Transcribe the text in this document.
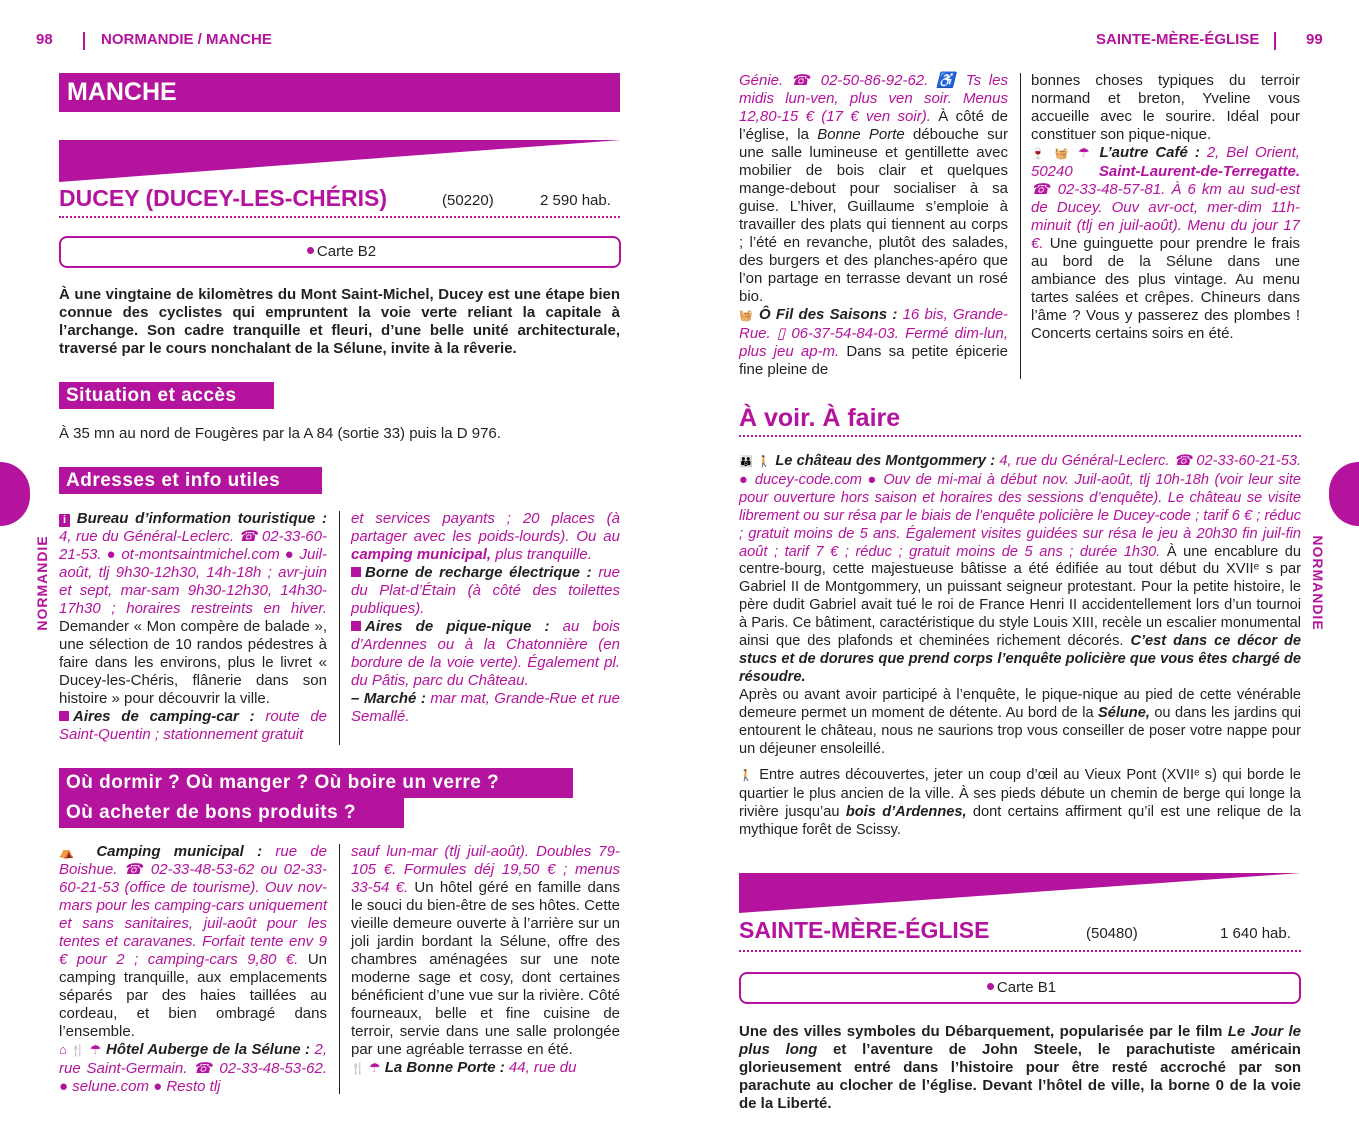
98	NORMANDIE / MANCHE
MANCHE
DUCEY (DUCEY-LES-CHÉRIS)	(50220)	2 590 hab.
Carte B2
À une vingtaine de kilomètres du Mont Saint-Michel, Ducey est une étape bien connue des cyclistes qui empruntent la voie verte reliant la capitale à l’archange. Son cadre tranquille et fleuri, d’une belle unité architecturale, traversé par le cours nonchalant de la Sélune, invite à la rêverie.
Situation et accès
À 35 mn au nord de Fougères par la A 84 (sortie 33) puis la D 976.
Adresses et info utiles

i Bureau d’information touristique : 4, rue du Général-Leclerc. ☎ 02-33-60-21-53. ● ot-montsaintmichel.com ● Juil-août, tlj 9h30-12h30, 14h-18h ; avr-juin et sept, mar-sam 9h30-12h30, 14h30-17h30 ; horaires restreints en hiver. Demander « Mon compère de balade », une sélection de 10 randos pédestres à faire dans les environs, plus le livret « Ducey-les-Chéris, flânerie dans son histoire » pour découvrir la ville.

Aires de camping-car : route de Saint-Quentin ; stationnement gratuit

et services payants ; 20 places (à partager avec les poids-lourds). Ou au camping municipal, plus tranquille.

Borne de recharge électrique : rue du Plat-d’Étain (à côté des toilettes publiques).

Aires de pique-nique : au bois d’Ardennes ou à la Chatonnière (en bordure de la voie verte). Également pl. du Pâtis, parc du Château.

– Marché : mar mat, Grande-Rue et rue Semallé.

Où dormir ? Où manger ? Où boire un verre ?
Où acheter de bons produits ?

⛺ Camping municipal : rue de Boishue. ☎ 02-33-48-53-62 ou 02-33-60-21-53 (office de tourisme). Ouv nov-mars pour les camping-cars uniquement et sans sanitaires, juil-août pour les tentes et caravanes. Forfait tente env 9 € pour 2 ; camping-cars 9,80 €. Un camping tranquille, aux emplacements séparés par des haies taillées au cordeau, et bien ombragé dans l’ensemble.

⌂ 🍴 ☂ Hôtel Auberge de la Sélune : 2, rue Saint-Germain. ☎ 02-33-48-53-62. ● selune.com ● Resto tlj

sauf lun-mar (tlj juil-août). Doubles 79-105 €. Formules déj 19,50 € ; menus 33-54 €. Un hôtel géré en famille dans le souci du bien-être de ses hôtes. Cette vieille demeure ouverte à l’arrière sur un joli jardin bordant la Sélune, offre des chambres aménagées sur une note moderne sage et cosy, dont certaines bénéficient d’une vue sur la rivière. Côté fourneaux, belle et fine cuisine de terroir, servie dans une salle prolongée par une agréable terrasse en été.

🍴 ☂ La Bonne Porte : 44, rue du

NORMANDIE
SAINTE-MÈRE-ÉGLISE	99

Génie. ☎ 02-50-86-92-62. ♿ Ts les midis lun-ven, plus ven soir. Menus 12,80-15 € (17 € ven soir). À côté de l’église, la Bonne Porte débouche sur une salle lumineuse et gentillette avec mobilier de bois clair et quelques mange-debout pour socialiser à sa guise. L’hiver, Guillaume s’emploie à travailler des plats qui tiennent au corps ; l’été en revanche, plutôt des salades, des burgers et des planches-apéro que l’on partage en terrasse devant un rosé bio.

🧺 Ô Fil des Saisons : 16 bis, Grande-Rue. ▯ 06-37-54-84-03. Fermé dim-lun, plus jeu ap-m. Dans sa petite épicerie fine pleine de

bonnes choses typiques du terroir normand et breton, Yveline vous accueille avec le sourire. Idéal pour constituer son pique-nique.

🍷 🧺 ☂ L’autre Café : 2, Bel Orient, 50240 Saint-Laurent-de-Terregatte. ☎ 02-33-48-57-81. À 6 km au sud-est de Ducey. Ouv avr-oct, mer-dim 11h-minuit (tlj en juil-août). Menu du jour 17 €. Une guinguette pour prendre le frais au bord de la Sélune dans une ambiance des plus vintage. Au menu tartes salées et crêpes. Chineurs dans l’âme ? Vous y passerez des plombes ! Concerts certains soirs en été.

À voir. À faire

👪 🚶 Le château des Montgommery : 4, rue du Général-Leclerc. ☎ 02-33-60-21-53. ● ducey-code.com ● Ouv de mi-mai à début nov. Juil-août, tlj 10h-18h (voir leur site pour ouverture hors saison et horaires des sessions d’enquête). Le château se visite librement ou sur résa par le biais de l’enquête policière le Ducey-code ; tarif 6 € ; réduc ; gratuit moins de 5 ans. Également visites guidées sur résa le jeu à 20h30 fin juil-fin août ; tarif 7 € ; réduc ; gratuit moins de 5 ans ; durée 1h30. À une encablure du centre-bourg, cette majestueuse bâtisse a été édifiée au tout début du XVIIᵉ s par Gabriel II de Montgommery, un puissant seigneur protestant. Pour la petite histoire, le père dudit Gabriel avait tué le roi de France Henri II accidentellement lors d’un tournoi à Paris. Ce bâtiment, caractéristique du style Louis XIII, recèle un escalier monumental ainsi que des plafonds et cheminées richement décorés. C’est dans ce décor de stucs et de dorures que prend corps l’enquête policière que vous êtes chargé de résoudre.

Après ou avant avoir participé à l’enquête, le pique-nique au pied de cette vénérable demeure permet un moment de détente. Au bord de la Sélune, ou dans les jardins qui entourent le château, nous ne saurions trop vous conseiller de poser votre nappe pour un déjeuner ensoleillé.

🚶 Entre autres découvertes, jeter un coup d’œil au Vieux Pont (XVIIᵉ s) qui borde le quartier le plus ancien de la ville. À ses pieds débute un chemin de berge qui longe la rivière jusqu’au bois d’Ardennes, dont certains affirment qu’il est une relique de la mythique forêt de Scissy.

SAINTE-MÈRE-ÉGLISE	(50480)	1 640 hab.
Carte B1
Une des villes symboles du Débarquement, popularisée par le film Le Jour le plus long et l’aventure de John Steele, le parachutiste américain glorieusement entré dans l’histoire pour être resté accroché par son parachute au clocher de l’église. Devant l’hôtel de ville, la borne 0 de la voie de la Liberté.
NORMANDIE
